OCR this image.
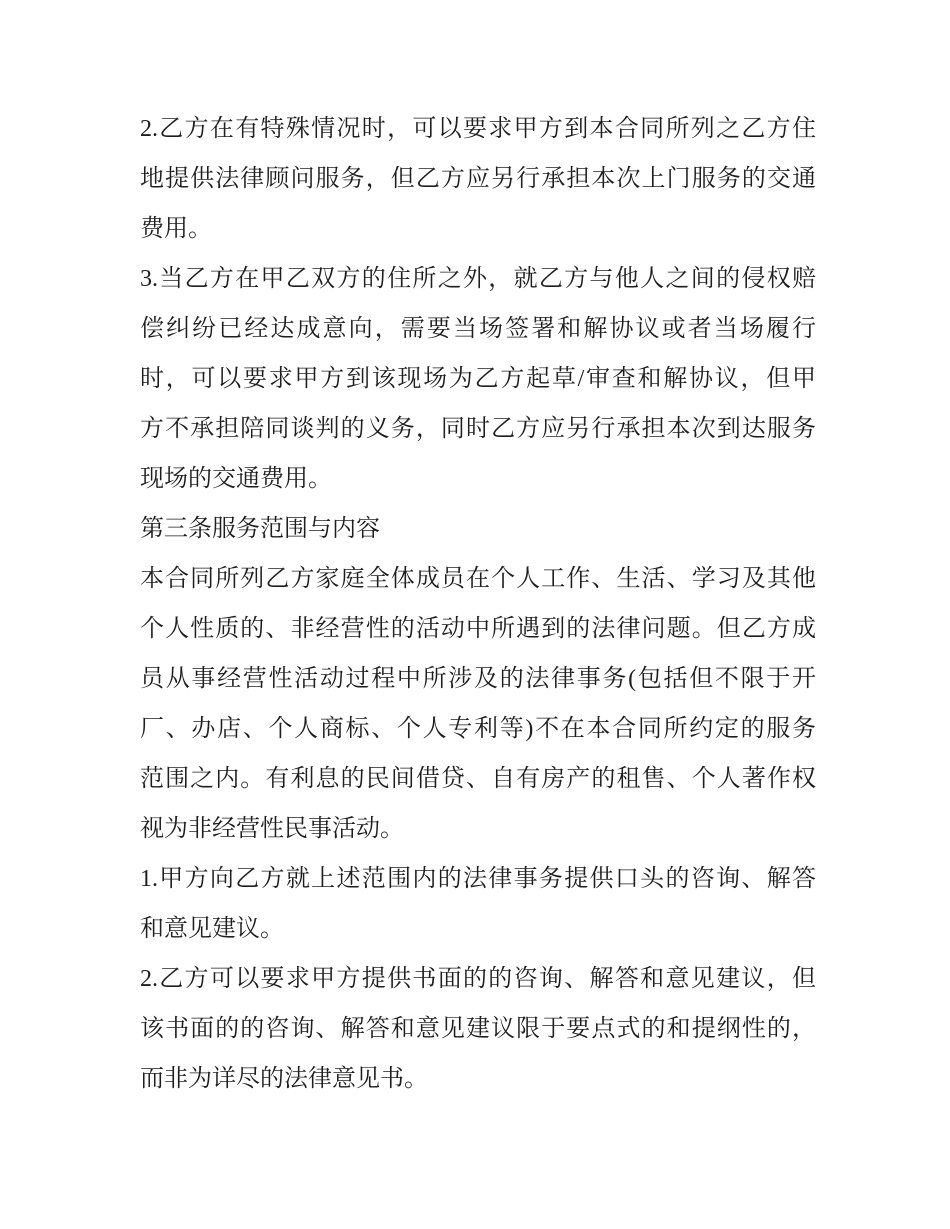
2.乙方在有特殊情况时，可以要求甲方到本合同所列之乙方住
地提供法律顾问服务，但乙方应另行承担本次上门服务的交通
费用。
3.当乙方在甲乙双方的住所之外，就乙方与他人之间的侵权赔
偿纠纷已经达成意向，需要当场签署和解协议或者当场履行
时，可以要求甲方到该现场为乙方起草/审查和解协议，但甲
方不承担陪同谈判的义务，同时乙方应另行承担本次到达服务
现场的交通费用。
第三条服务范围与内容
本合同所列乙方家庭全体成员在个人工作、生活、学习及其他
个人性质的、非经营性的活动中所遇到的法律问题。但乙方成
员从事经营性活动过程中所涉及的法律事务(包括但不限于开
厂、办店、个人商标、个人专利等)不在本合同所约定的服务
范围之内。有利息的民间借贷、自有房产的租售、个人著作权
视为非经营性民事活动。
1.甲方向乙方就上述范围内的法律事务提供口头的咨询、解答
和意见建议。
2.乙方可以要求甲方提供书面的的咨询、解答和意见建议，但
该书面的的咨询、解答和意见建议限于要点式的和提纲性的，
而非为详尽的法律意见书。
